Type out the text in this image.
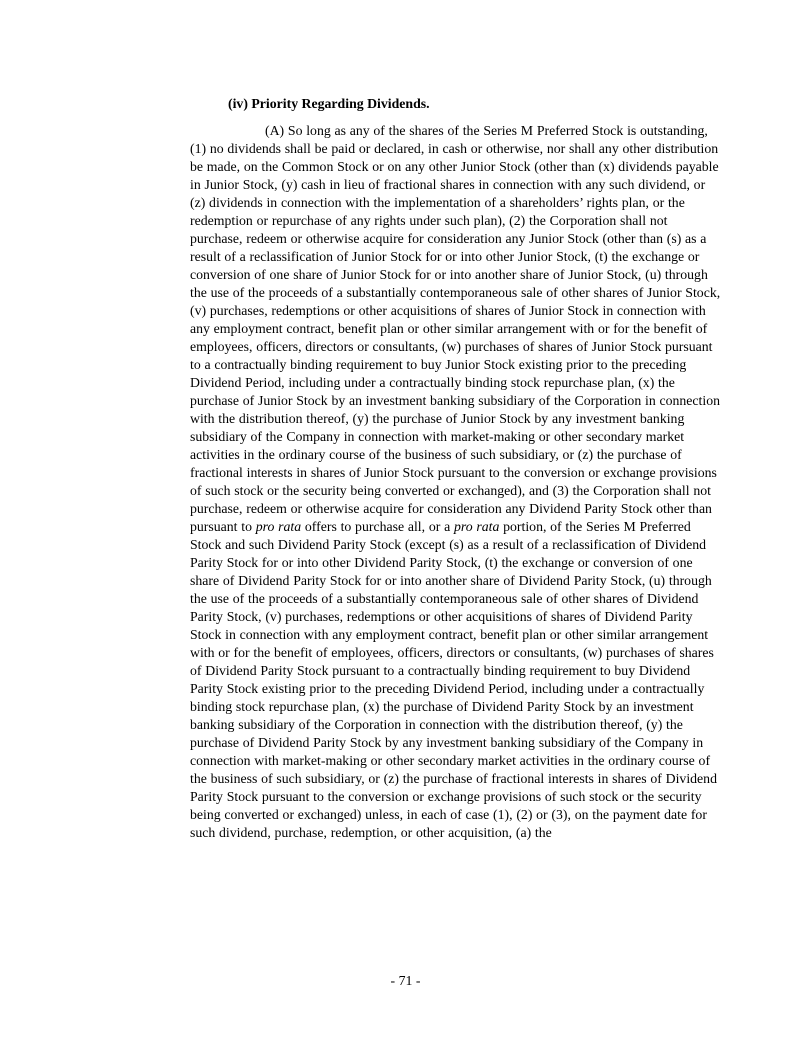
(iv) Priority Regarding Dividends.

(A) So long as any of the shares of the Series M Preferred Stock is outstanding, (1) no dividends shall be paid or declared, in cash or otherwise, nor shall any other distribution be made, on the Common Stock or on any other Junior Stock (other than (x) dividends payable in Junior Stock, (y) cash in lieu of fractional shares in connection with any such dividend, or (z) dividends in connection with the implementation of a shareholders’ rights plan, or the redemption or repurchase of any rights under such plan), (2) the Corporation shall not purchase, redeem or otherwise acquire for consideration any Junior Stock (other than (s) as a result of a reclassification of Junior Stock for or into other Junior Stock, (t) the exchange or conversion of one share of Junior Stock for or into another share of Junior Stock, (u) through the use of the proceeds of a substantially contemporaneous sale of other shares of Junior Stock, (v) purchases, redemptions or other acquisitions of shares of Junior Stock in connection with any employment contract, benefit plan or other similar arrangement with or for the benefit of employees, officers, directors or consultants, (w) purchases of shares of Junior Stock pursuant to a contractually binding requirement to buy Junior Stock existing prior to the preceding Dividend Period, including under a contractually binding stock repurchase plan, (x) the purchase of Junior Stock by an investment banking subsidiary of the Corporation in connection with the distribution thereof, (y) the purchase of Junior Stock by any investment banking subsidiary of the Company in connection with market-making or other secondary market activities in the ordinary course of the business of such subsidiary, or (z) the purchase of fractional interests in shares of Junior Stock pursuant to the conversion or exchange provisions of such stock or the security being converted or exchanged), and (3) the Corporation shall not purchase, redeem or otherwise acquire for consideration any Dividend Parity Stock other than pursuant to pro rata offers to purchase all, or a pro rata portion, of the Series M Preferred Stock and such Dividend Parity Stock (except (s) as a result of a reclassification of Dividend Parity Stock for or into other Dividend Parity Stock, (t) the exchange or conversion of one share of Dividend Parity Stock for or into another share of Dividend Parity Stock, (u) through the use of the proceeds of a substantially contemporaneous sale of other shares of Dividend Parity Stock, (v) purchases, redemptions or other acquisitions of shares of Dividend Parity Stock in connection with any employment contract, benefit plan or other similar arrangement with or for the benefit of employees, officers, directors or consultants, (w) purchases of shares of Dividend Parity Stock pursuant to a contractually binding requirement to buy Dividend Parity Stock existing prior to the preceding Dividend Period, including under a contractually binding stock repurchase plan, (x) the purchase of Dividend Parity Stock by an investment banking subsidiary of the Corporation in connection with the distribution thereof, (y) the purchase of Dividend Parity Stock by any investment banking subsidiary of the Company in connection with market-making or other secondary market activities in the ordinary course of the business of such subsidiary, or (z) the purchase of fractional interests in shares of Dividend Parity Stock pursuant to the conversion or exchange provisions of such stock or the security being converted or exchanged) unless, in each of case (1), (2) or (3), on the payment date for such dividend, purchase, redemption, or other acquisition, (a) the

- 71 -
